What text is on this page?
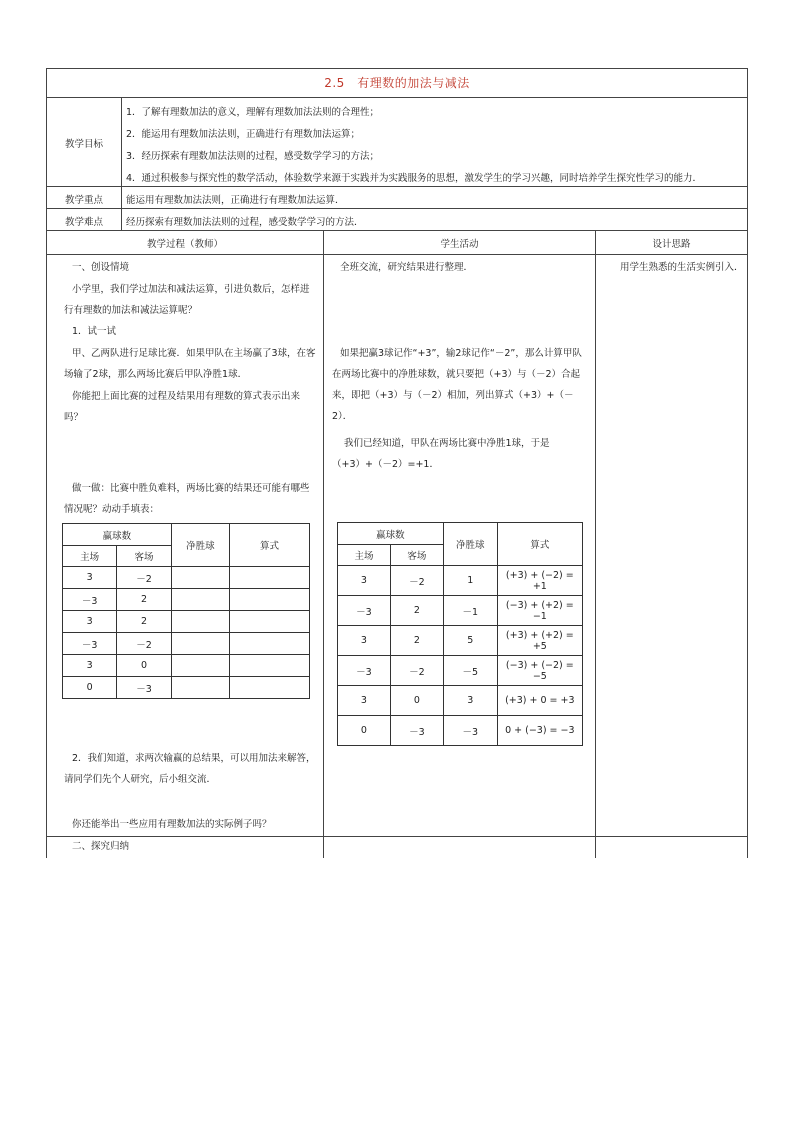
2.5　有理数的加法与减法
教学目标
1．了解有理数加法的意义，理解有理数加法法则的合理性；
2．能运用有理数加法法则，正确进行有理数加法运算；
3．经历探索有理数加法法则的过程，感受数学学习的方法；
4．通过积极参与探究性的数学活动，体验数学来源于实践并为实践服务的思想，激发学生的学习兴趣，同时培养学生探究性学习的能力．
教学重点	能运用有理数加法法则，正确进行有理数加法运算．
教学难点	经历探索有理数加法法则的过程，感受数学学习的方法．
教学过程（教师）	学生活动	设计思路
一、创设情境
小学里，我们学过加法和减法运算，引进负数后，怎样进行有理数的加法和减法运算呢？
1．试一试
甲、乙两队进行足球比赛．如果甲队在主场赢了3球，在客场输了2球，那么两场比赛后甲队净胜1球．
你能把上面比赛的过程及结果用有理数的算式表示出来吗？
做一做：比赛中胜负难料，两场比赛的结果还可能有哪些情况呢？动动手填表：
赢球数		净胜球	算式
主场	客场		
3	－2		
－3	2		
3	2		
－3	－2		
3	0		
0	－3		
2．我们知道，求两次输赢的总结果，可以用加法来解答，请同学们先个人研究，后小组交流．
你还能举出一些应用有理数加法的实际例子吗？
二、探究归纳
全班交流，研究结果进行整理．
如果把赢3球记作“+3”，输2球记作“－2”，那么计算甲队在两场比赛中的净胜球数，就只要把（+3）与（－2）合起来，即把（+3）与（－2）相加，列出算式（+3）+（－2）．
我们已经知道，甲队在两场比赛中净胜1球，于是（+3）+（－2）=+1．
赢球数		净胜球	算式
主场	客场		
3	－2	1	(+3) + (−2) = +1
－3	2	－1	(−3) + (+2) = −1
3	2	5	(+3) + (+2) = +5
－3	－2	－5	(−3) + (−2) = −5
3	0	3	(+3) + 0 = +3
0	－3	－3	0 + (−3) = −3
用学生熟悉的生活实例引入．
